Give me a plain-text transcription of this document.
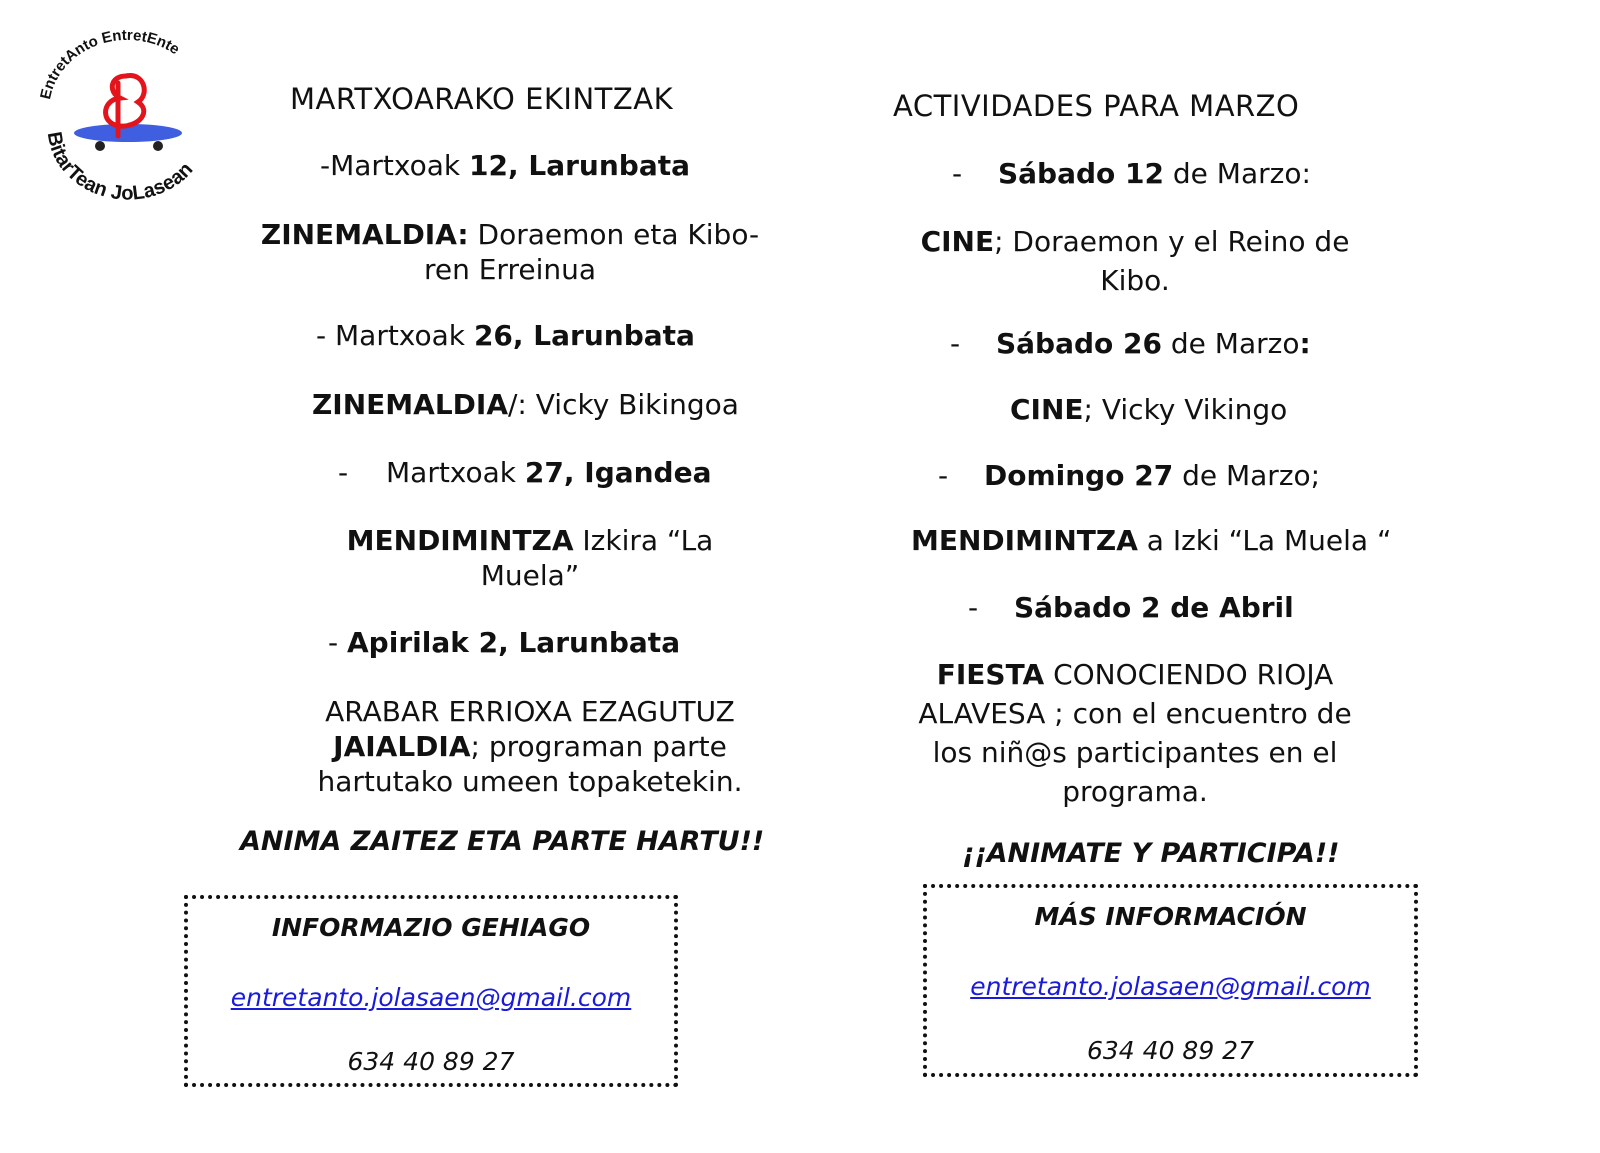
EntretAnto EntretEnte
BitarTean JoLasean
MARTXOARAKO EKINTZAK
-Martxoak 12, Larunbata
ZINEMALDIA: Doraemon eta Kibo-
ren Erreinua
- Martxoak 26, Larunbata
ZINEMALDIA/: Vicky Bikingoa
- Martxoak 27, Igandea
MENDIMINTZA Izkira “La
Muela”
- Apirilak 2, Larunbata
ARABAR ERRIOXA EZAGUTUZ
JAIALDIA; programan parte
hartutako umeen topaketekin.
ANIMA ZAITEZ ETA PARTE HARTU!!
INFORMAZIO GEHIAGO
entretanto.jolasaen@gmail.com
634 40 89 27
ACTIVIDADES PARA MARZO
- Sábado 12 de Marzo:
CINE; Doraemon y el Reino de
Kibo.
- Sábado 26 de Marzo:
CINE; Vicky Vikingo
- Domingo 27 de Marzo;
MENDIMINTZA a Izki “La Muela “
- Sábado 2 de Abril
FIESTA CONOCIENDO RIOJA
ALAVESA ; con el encuentro de
los niñ@s participantes en el
programa.
¡¡ANIMATE Y PARTICIPA!!
MÁS INFORMACIÓN
entretanto.jolasaen@gmail.com
634 40 89 27
